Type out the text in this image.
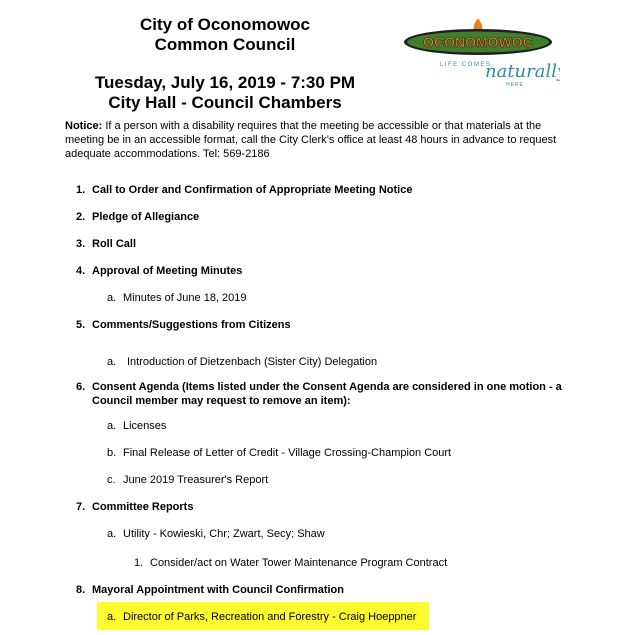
City of Oconomowoc
Common Council
Tuesday, July 16, 2019 - 7:30 PM
City Hall - Council Chambers
OCONOMOWOC
LIFE COMES
naturally
HERE
Notice: If a person with a disability requires that the meeting be accessible or that materials at the meeting be in an accessible format, call the City Clerk’s office at least 48 hours in advance to request adequate accommodations. Tel: 569-2186
1. Call to Order and Confirmation of Appropriate Meeting Notice
2. Pledge of Allegiance
3. Roll Call
4. Approval of Meeting Minutes
a. Minutes of June 18, 2019
5. Comments/Suggestions from Citizens
a. Introduction of Dietzenbach (Sister City) Delegation
6. Consent Agenda (Items listed under the Consent Agenda are considered in one motion - a Council member may request to remove an item):
a. Licenses
b. Final Release of Letter of Credit - Village Crossing-Champion Court
c. June 2019 Treasurer's Report
7. Committee Reports
a. Utility - Kowieski, Chr; Zwart, Secy; Shaw
1. Consider/act on Water Tower Maintenance Program Contract
8. Mayoral Appointment with Council Confirmation
a. Director of Parks, Recreation and Forestry - Craig Hoeppner
